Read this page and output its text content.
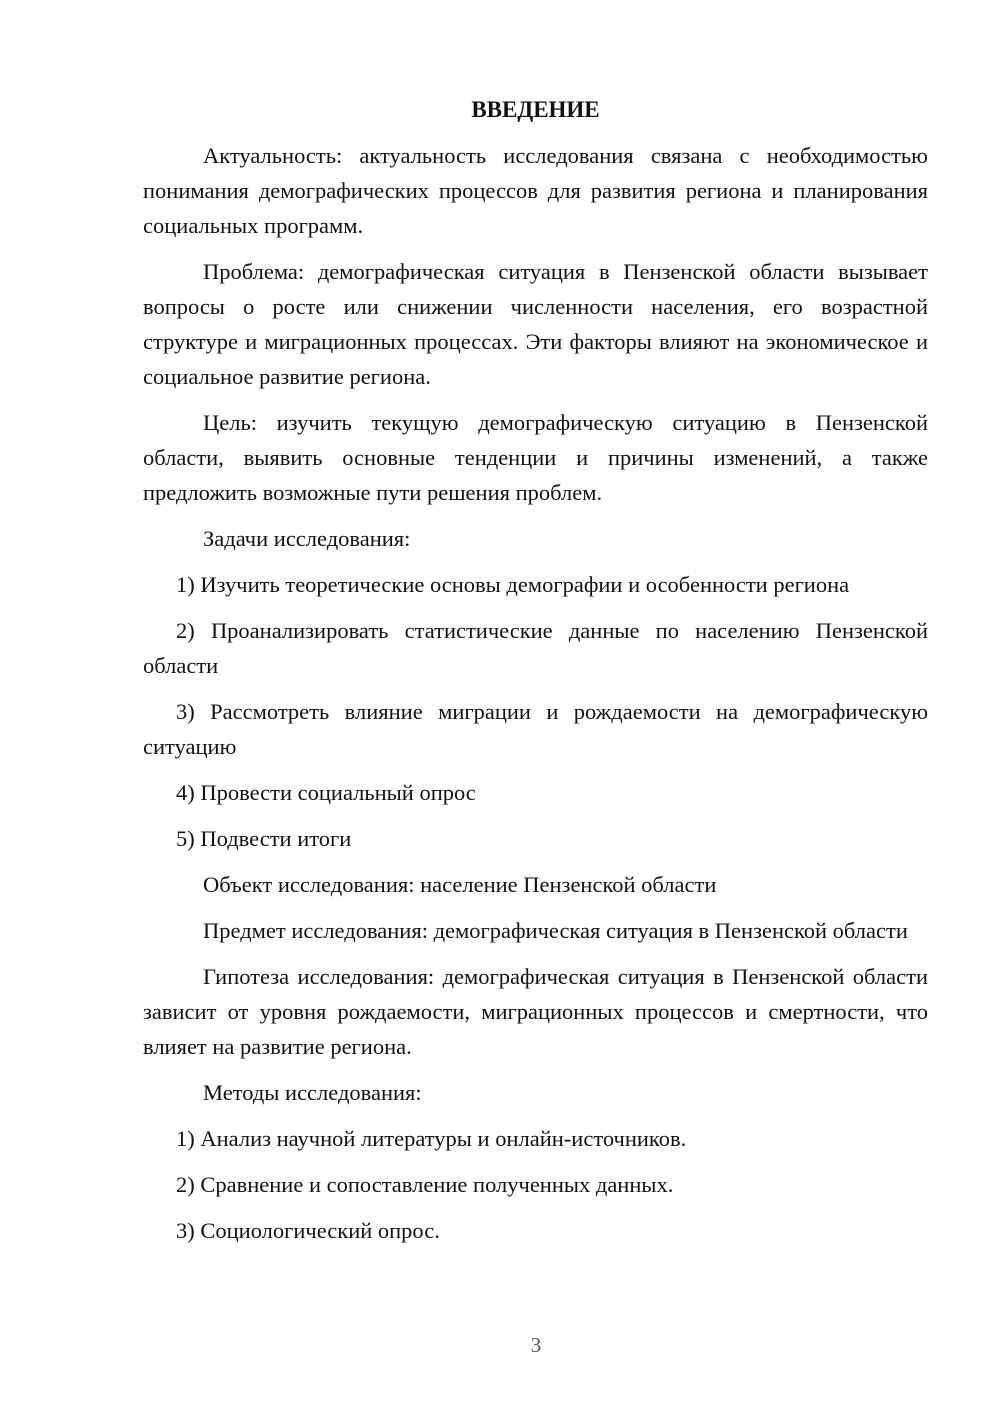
ВВЕДЕНИЕ

Актуальность: актуальность исследования связана с необходимостью понимания демографических процессов для развития региона и планирования социальных программ.

Проблема: демографическая ситуация в Пензенской области вызывает вопросы о росте или снижении численности населения, его возрастной структуре и миграционных процессах. Эти факторы влияют на экономическое и социальное развитие региона.

Цель: изучить текущую демографическую ситуацию в Пензенской области, выявить основные тенденции и причины изменений, а также предложить возможные пути решения проблем.

Задачи исследования:

1) Изучить теоретические основы демографии и особенности региона

2) Проанализировать статистические данные по населению Пензенской области

3) Рассмотреть влияние миграции и рождаемости на демографическую ситуацию

4) Провести социальный опрос

5) Подвести итоги

Объект исследования: население Пензенской области

Предмет исследования: демографическая ситуация в Пензенской области

Гипотеза исследования: демографическая ситуация в Пензенской области зависит от уровня рождаемости, миграционных процессов и смертности, что влияет на развитие региона.

Методы исследования:

1) Анализ научной литературы и онлайн-источников.

2) Сравнение и сопоставление полученных данных.

3) Социологический опрос.

3
